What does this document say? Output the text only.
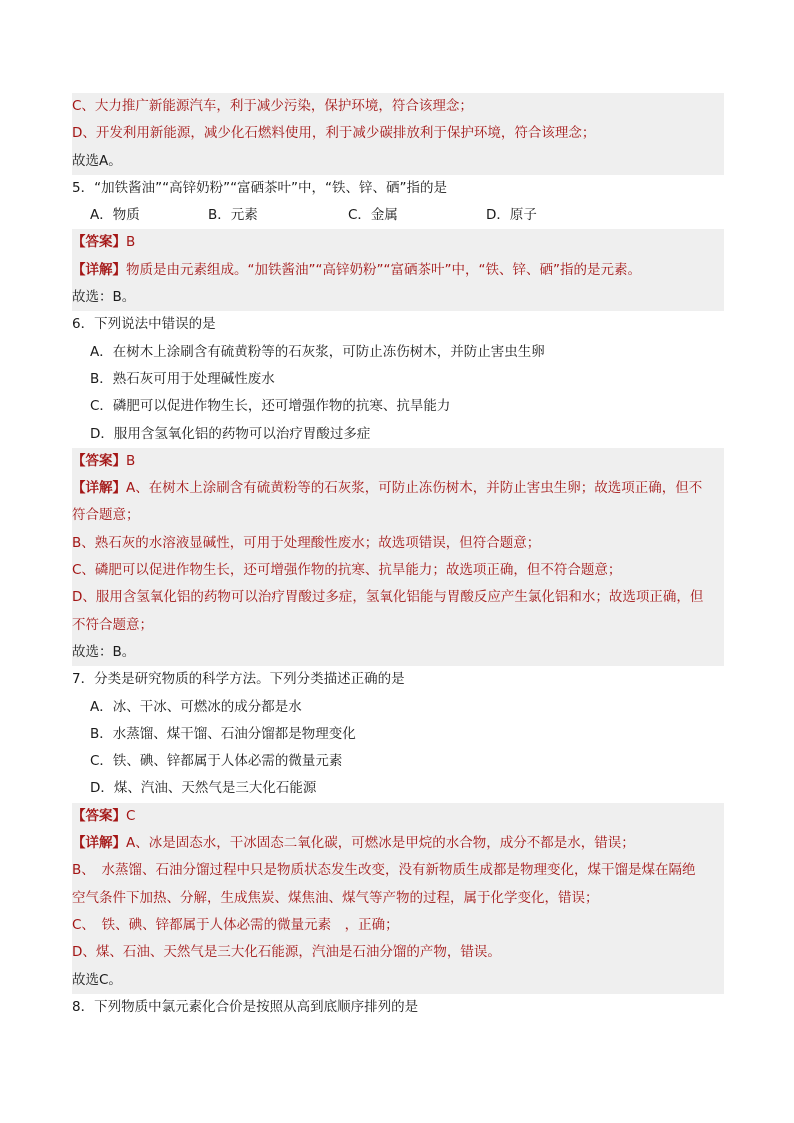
C、大力推广新能源汽车，利于减少污染，保护环境，符合该理念；
D、开发利用新能源，减少化石燃料使用，利于减少碳排放利于保护环境，符合该理念；
故选A。
5．“加铁酱油”“高锌奶粉”“富硒茶叶”中，“铁、锌、硒”指的是
A．物质	B．元素	C．金属	D．原子
【答案】B
【详解】物质是由元素组成。“加铁酱油”“高锌奶粉”“富硒茶叶”中，“铁、锌、硒”指的是元素。
故选：B。
6．下列说法中错误的是
A．在树木上涂刷含有硫黄粉等的石灰浆，可防止冻伤树木，并防止害虫生卵
B．熟石灰可用于处理碱性废水
C．磷肥可以促进作物生长，还可增强作物的抗寒、抗旱能力
D．服用含氢氧化铝的药物可以治疗胃酸过多症
【答案】B
【详解】A、在树木上涂刷含有硫黄粉等的石灰浆，可防止冻伤树木，并防止害虫生卵；故选项正确，但不
符合题意；
B、熟石灰的水溶液显碱性，可用于处理酸性废水；故选项错误，但符合题意；
C、磷肥可以促进作物生长，还可增强作物的抗寒、抗旱能力；故选项正确，但不符合题意；
D、服用含氢氧化铝的药物可以治疗胃酸过多症，氢氧化铝能与胃酸反应产生氯化铝和水；故选项正确，但
不符合题意；
故选：B。
7．分类是研究物质的科学方法。下列分类描述正确的是
A．冰、干冰、可燃冰的成分都是水
B．水蒸馏、煤干馏、石油分馏都是物理变化
C．铁、碘、锌都属于人体必需的微量元素
D．煤、汽油、天然气是三大化石能源
【答案】C
【详解】A、冰是固态水，干冰固态二氧化碳，可燃冰是甲烷的水合物，成分不都是水，错误；
B、　水蒸馏、石油分馏过程中只是物质状态发生改变，没有新物质生成都是物理变化，煤干馏是煤在隔绝
空气条件下加热、分解，生成焦炭、煤焦油、煤气等产物的过程，属于化学变化，错误；
C、　铁、碘、锌都属于人体必需的微量元素　，正确；
D、煤、石油、天然气是三大化石能源，汽油是石油分馏的产物，错误。
故选C。
8．下列物质中氯元素化合价是按照从高到底顺序排列的是
